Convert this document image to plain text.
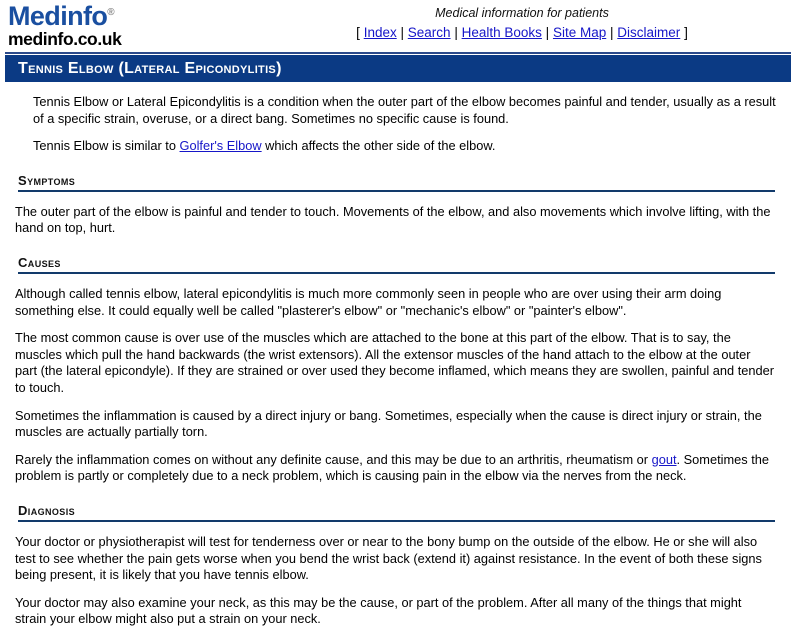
Medinfo®
medinfo.co.uk
Medical information for patients
[ Index | Search | Health Books | Site Map | Disclaimer ]
Tennis Elbow (Lateral Epicondylitis)

Tennis Elbow or Lateral Epicondylitis is a condition when the outer part of the elbow becomes painful and tender, usually as a result of a specific strain, overuse, or a direct bang. Sometimes no specific cause is found.

Tennis Elbow is similar to Golfer's Elbow which affects the other side of the elbow.

Symptoms

The outer part of the elbow is painful and tender to touch. Movements of the elbow, and also movements which involve lifting, with the hand on top, hurt.

Causes

Although called tennis elbow, lateral epicondylitis is much more commonly seen in people who are over using their arm doing something else. It could equally well be called "plasterer's elbow" or "mechanic's elbow" or "painter's elbow".

The most common cause is over use of the muscles which are attached to the bone at this part of the elbow. That is to say, the muscles which pull the hand backwards (the wrist extensors). All the extensor muscles of the hand attach to the elbow at the outer part (the lateral epicondyle). If they are strained or over used they become inflamed, which means they are swollen, painful and tender to touch.

Sometimes the inflammation is caused by a direct injury or bang. Sometimes, especially when the cause is direct injury or strain, the muscles are actually partially torn.

Rarely the inflammation comes on without any definite cause, and this may be due to an arthritis, rheumatism or gout. Sometimes the problem is partly or completely due to a neck problem, which is causing pain in the elbow via the nerves from the neck.

Diagnosis

Your doctor or physiotherapist will test for tenderness over or near to the bony bump on the outside of the elbow. He or she will also test to see whether the pain gets worse when you bend the wrist back (extend it) against resistance. In the event of both these signs being present, it is likely that you have tennis elbow.

Your doctor may also examine your neck, as this may be the cause, or part of the problem. After all many of the things that might strain your elbow might also put a strain on your neck.
